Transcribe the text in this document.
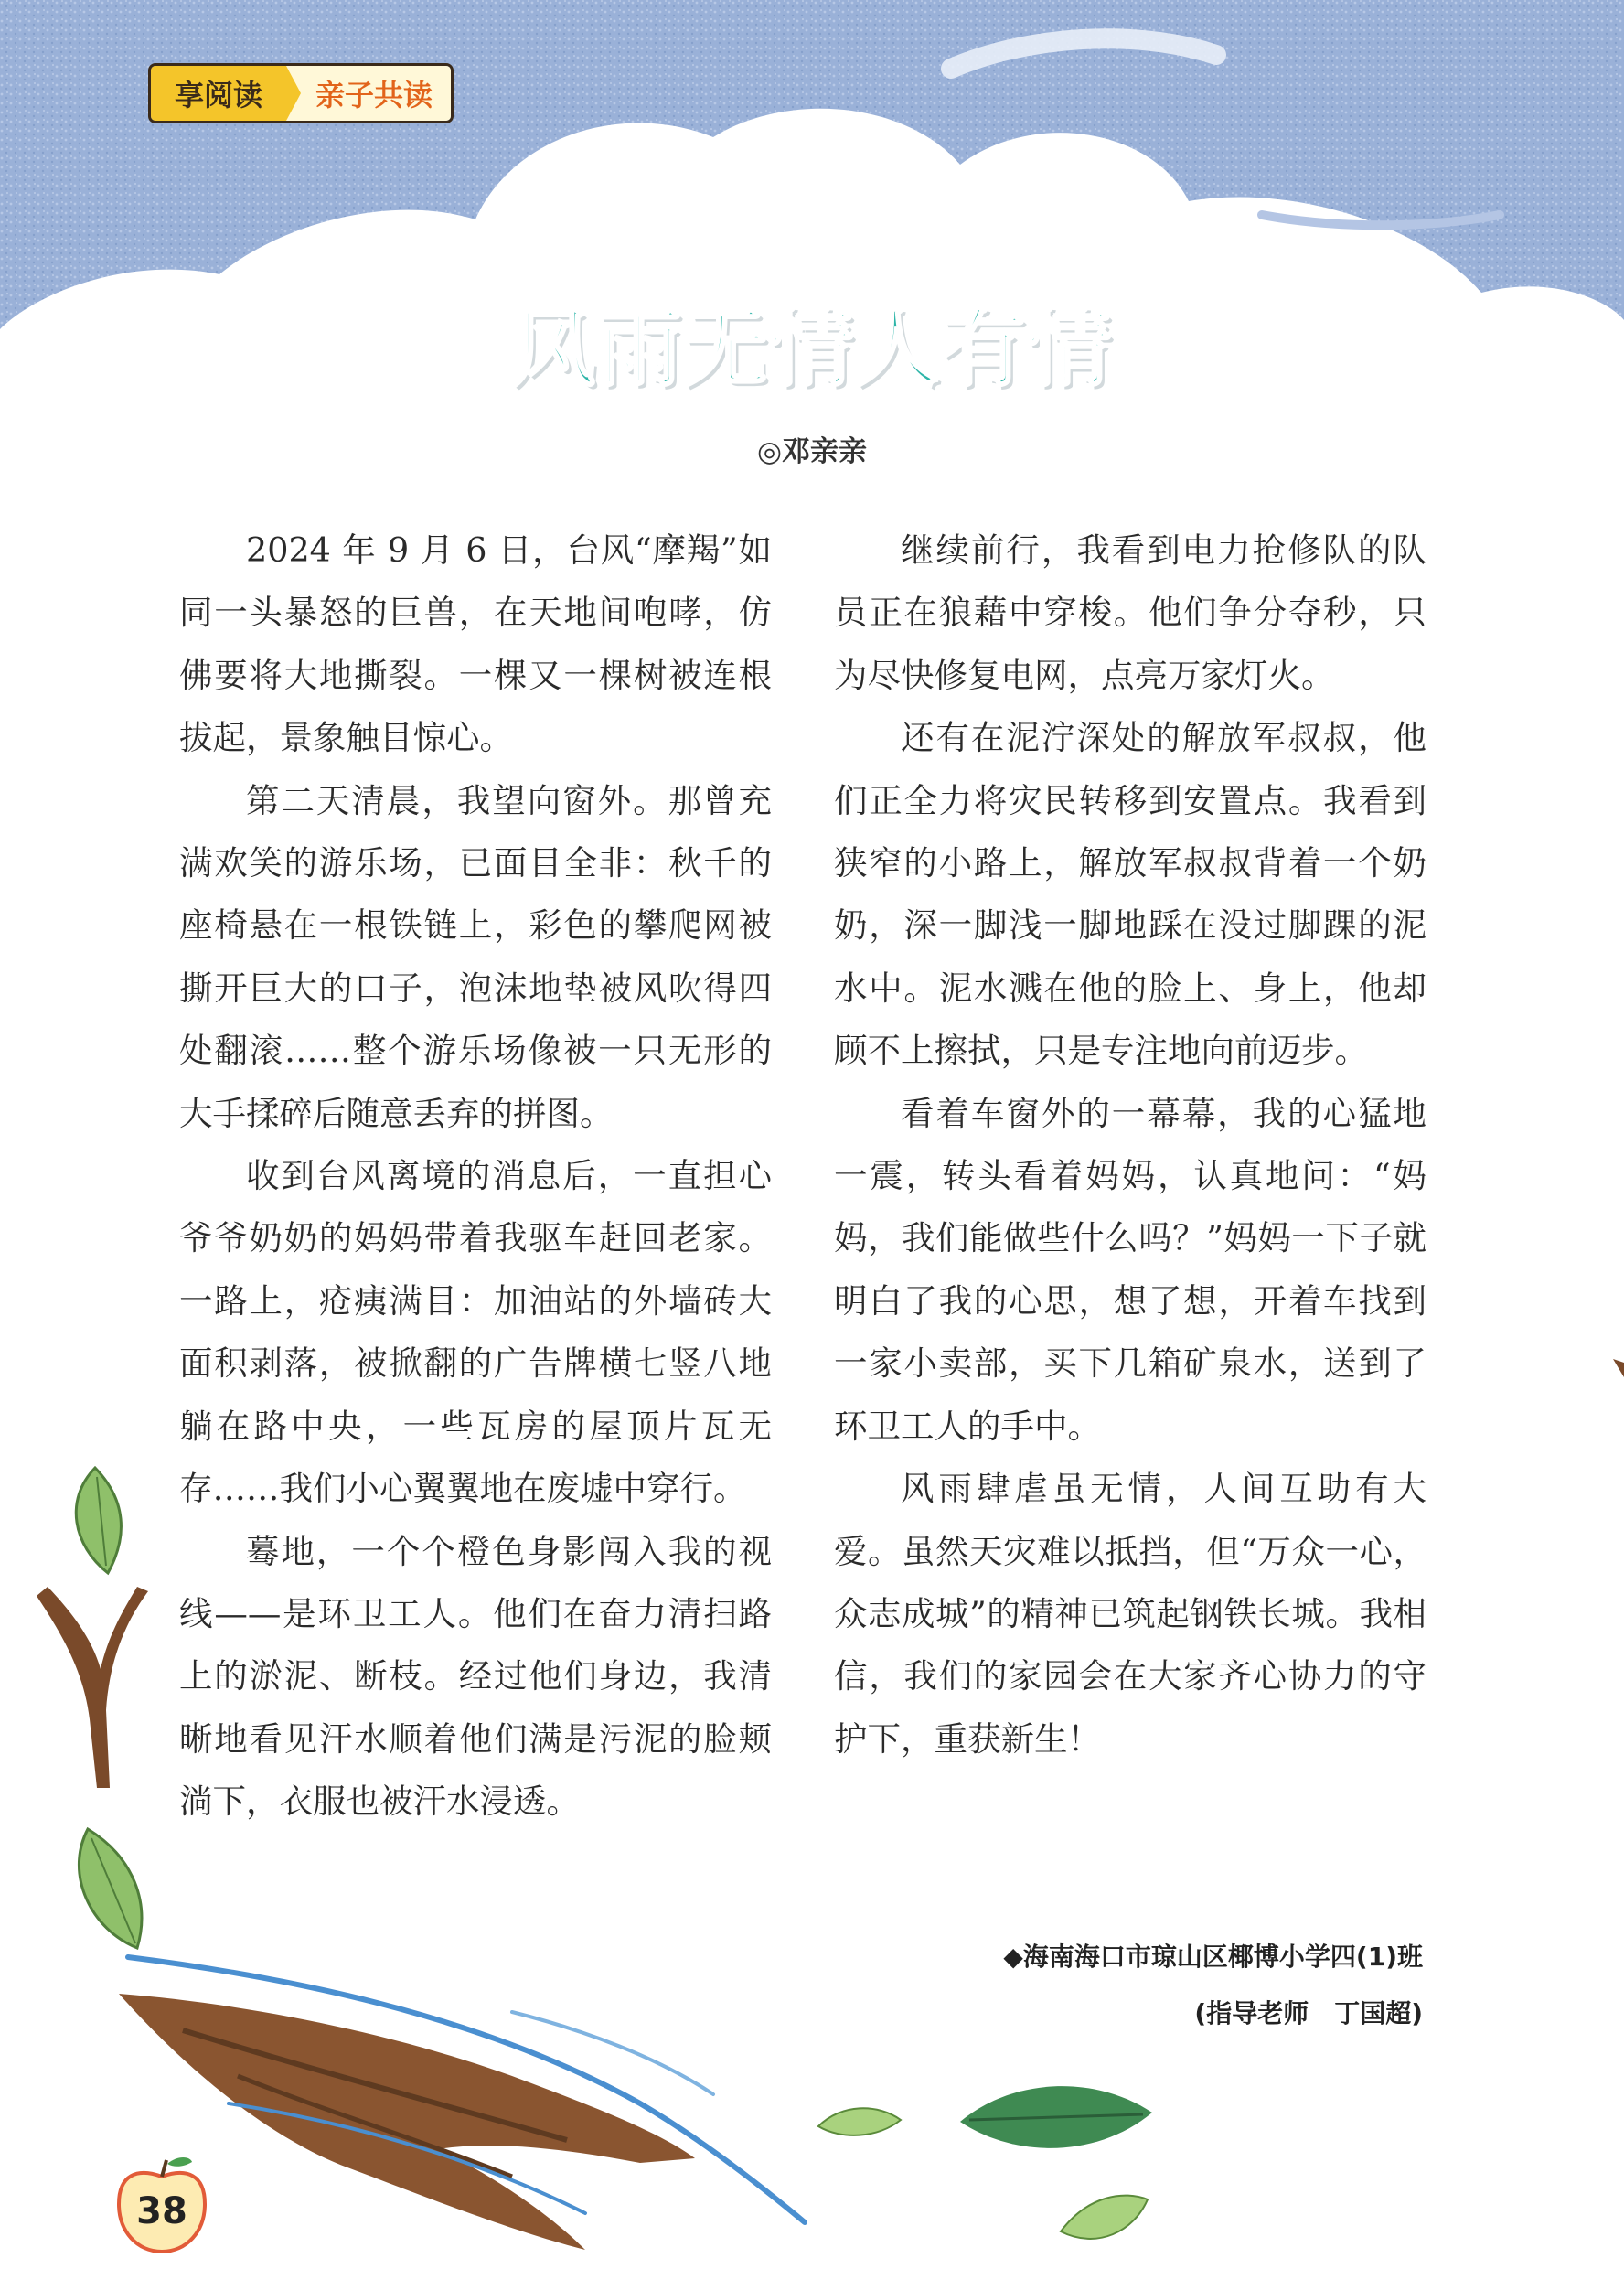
享阅读	亲子共读
风雨无情人有情
◎邓亲亲

2024 年 9 月 6 日，台风“摩羯”如同一头暴怒的巨兽，在天地间咆哮，仿佛要将大地撕裂。一棵又一棵树被连根拔起，景象触目惊心。

第二天清晨，我望向窗外。那曾充满欢笑的游乐场，已面目全非：秋千的座椅悬在一根铁链上，彩色的攀爬网被撕开巨大的口子，泡沫地垫被风吹得四处翻滚……整个游乐场像被一只无形的大手揉碎后随意丢弃的拼图。

收到台风离境的消息后，一直担心爷爷奶奶的妈妈带着我驱车赶回老家。一路上，疮痍满目：加油站的外墙砖大面积剥落，被掀翻的广告牌横七竖八地躺在路中央，一些瓦房的屋顶片瓦无存……我们小心翼翼地在废墟中穿行。

蓦地，一个个橙色身影闯入我的视线——是环卫工人。他们在奋力清扫路上的淤泥、断枝。经过他们身边，我清晰地看见汗水顺着他们满是污泥的脸颊淌下，衣服也被汗水浸透。

继续前行，我看到电力抢修队的队员正在狼藉中穿梭。他们争分夺秒，只为尽快修复电网，点亮万家灯火。

还有在泥泞深处的解放军叔叔，他们正全力将灾民转移到安置点。我看到狭窄的小路上，解放军叔叔背着一个奶奶，深一脚浅一脚地踩在没过脚踝的泥水中。泥水溅在他的脸上、身上，他却顾不上擦拭，只是专注地向前迈步。

看着车窗外的一幕幕，我的心猛地一震，转头看着妈妈，认真地问：“妈妈，我们能做些什么吗？”妈妈一下子就明白了我的心思，想了想，开着车找到一家小卖部，买下几箱矿泉水，送到了环卫工人的手中。

风雨肆虐虽无情，人间互助有大爱。虽然天灾难以抵挡，但“万众一心，众志成城”的精神已筑起钢铁长城。我相信，我们的家园会在大家齐心协力的守护下，重获新生！

◆海南海口市琼山区椰博小学四(1)班
(指导老师　丁国超)
38
